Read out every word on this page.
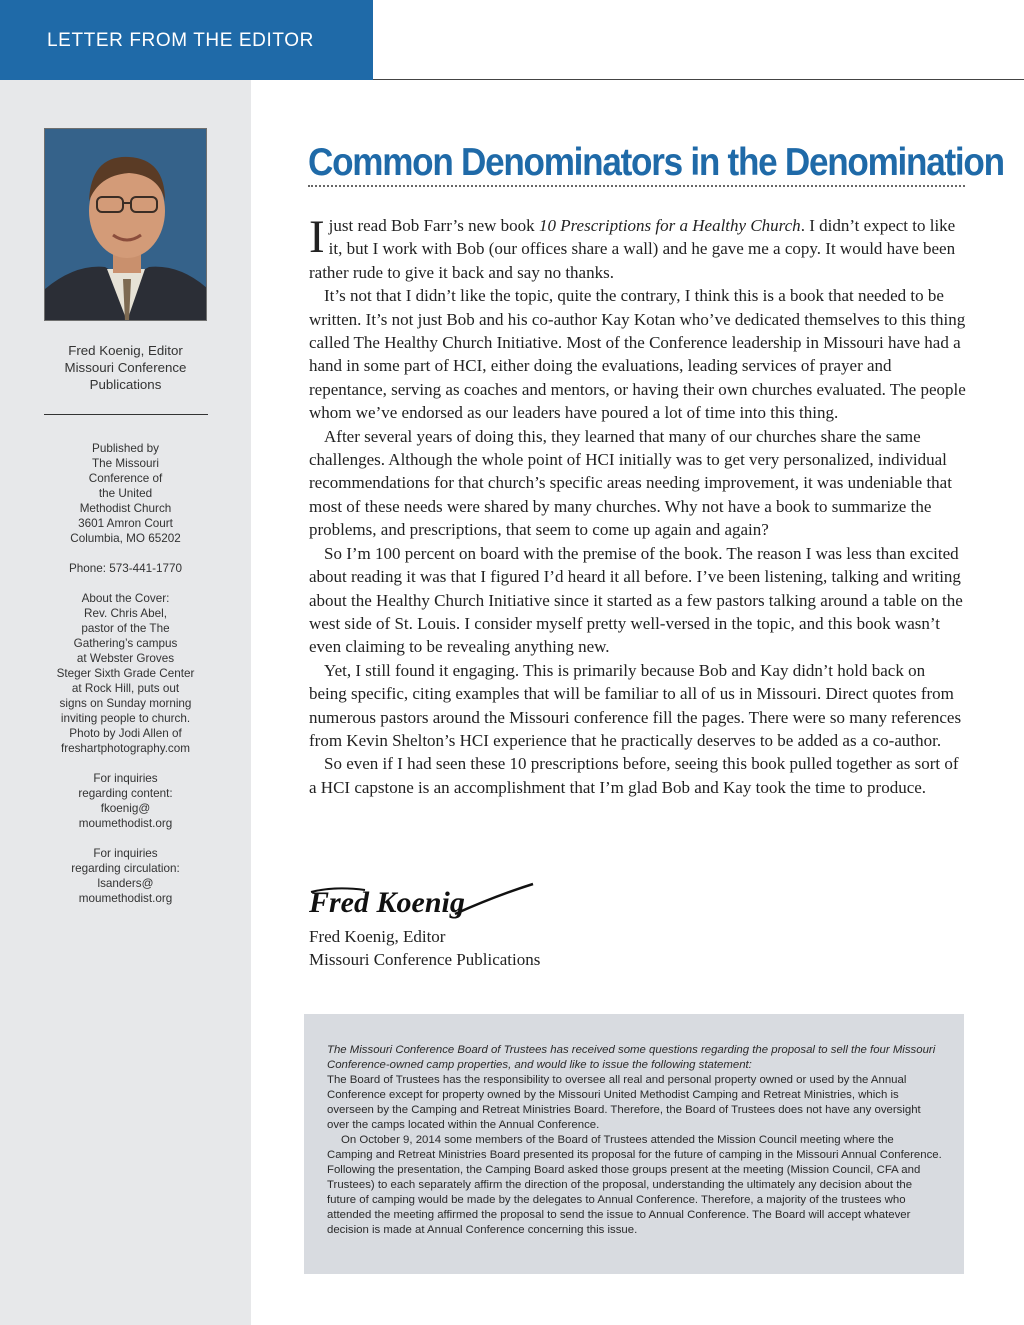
LETTER FROM THE EDITOR
Fred Koenig, Editor
Missouri Conference
Publications

Published by
The Missouri
Conference of
the United
Methodist Church
3601 Amron Court
Columbia, MO 65202

Phone: 573-441-1770

About the Cover:
Rev. Chris Abel,
pastor of the The
Gathering’s campus
at Webster Groves
Steger Sixth Grade Center
at Rock Hill, puts out
signs on Sunday morning
inviting people to church.
Photo by Jodi Allen of
freshartphotography.com

For inquiries
regarding content:
fkoenig@
moumethodist.org

For inquiries
regarding circulation:
lsanders@
moumethodist.org

Common Denominators in the Denomination

Ijust read Bob Farr’s new book 10 Prescriptions for a Healthy Church. I didn’t expect to like it, but I work with Bob (our offices share a wall) and he gave me a copy. It would have been rather rude to give it back and say no thanks.

It’s not that I didn’t like the topic, quite the contrary, I think this is a book that needed to be written. It’s not just Bob and his co-author Kay Kotan who’ve dedicated themselves to this thing called The Healthy Church Initiative. Most of the Conference leadership in Missouri have had a hand in some part of HCI, either doing the evaluations, leading services of prayer and repentance, serving as coaches and mentors, or having their own churches evaluated. The people whom we’ve endorsed as our leaders have poured a lot of time into this thing.

After several years of doing this, they learned that many of our churches share the same challenges. Although the whole point of HCI initially was to get very personalized, individual recommendations for that church’s specific areas needing improvement, it was undeniable that most of these needs were shared by many churches. Why not have a book to summarize the problems, and prescriptions, that seem to come up again and again?

So I’m 100 percent on board with the premise of the book. The reason I was less than excited about reading it was that I figured I’d heard it all before. I’ve been listening, talking and writing about the Healthy Church Initiative since it started as a few pastors talking around a table on the west side of St. Louis. I consider myself pretty well-versed in the topic, and this book wasn’t even claiming to be revealing anything new.

Yet, I still found it engaging. This is primarily because Bob and Kay didn’t hold back on being specific, citing examples that will be familiar to all of us in Missouri. Direct quotes from numerous pastors around the Missouri conference fill the pages. There were so many references from Kevin Shelton’s HCI experience that he practically deserves to be added as a co-author.

So even if I had seen these 10 prescriptions before, seeing this book pulled together as sort of a HCI capstone is an accomplishment that I’m glad Bob and Kay took the time to produce.

Fred Koenig
Fred Koenig, Editor
Missouri Conference Publications
The Missouri Conference Board of Trustees has received some questions regarding the proposal to sell the four Missouri Conference-owned camp properties, and would like to issue the following statement:
The Board of Trustees has the responsibility to oversee all real and personal property owned or used by the Annual Conference except for property owned by the Missouri United Methodist Camping and Retreat Ministries, which is overseen by the Camping and Retreat Ministries Board. Therefore, the Board of Trustees does not have any oversight over the camps located within the Annual Conference.
On October 9, 2014 some members of the Board of Trustees attended the Mission Council meeting where the Camping and Retreat Ministries Board presented its proposal for the future of camping in the Missouri Annual Conference. Following the presentation, the Camping Board asked those groups present at the meeting (Mission Council, CFA and Trustees) to each separately affirm the direction of the proposal, understanding the ultimately any decision about the future of camping would be made by the delegates to Annual Conference. Therefore, a majority of the trustees who attended the meeting affirmed the proposal to send the issue to Annual Conference. The Board will accept whatever decision is made at Annual Conference concerning this issue.
